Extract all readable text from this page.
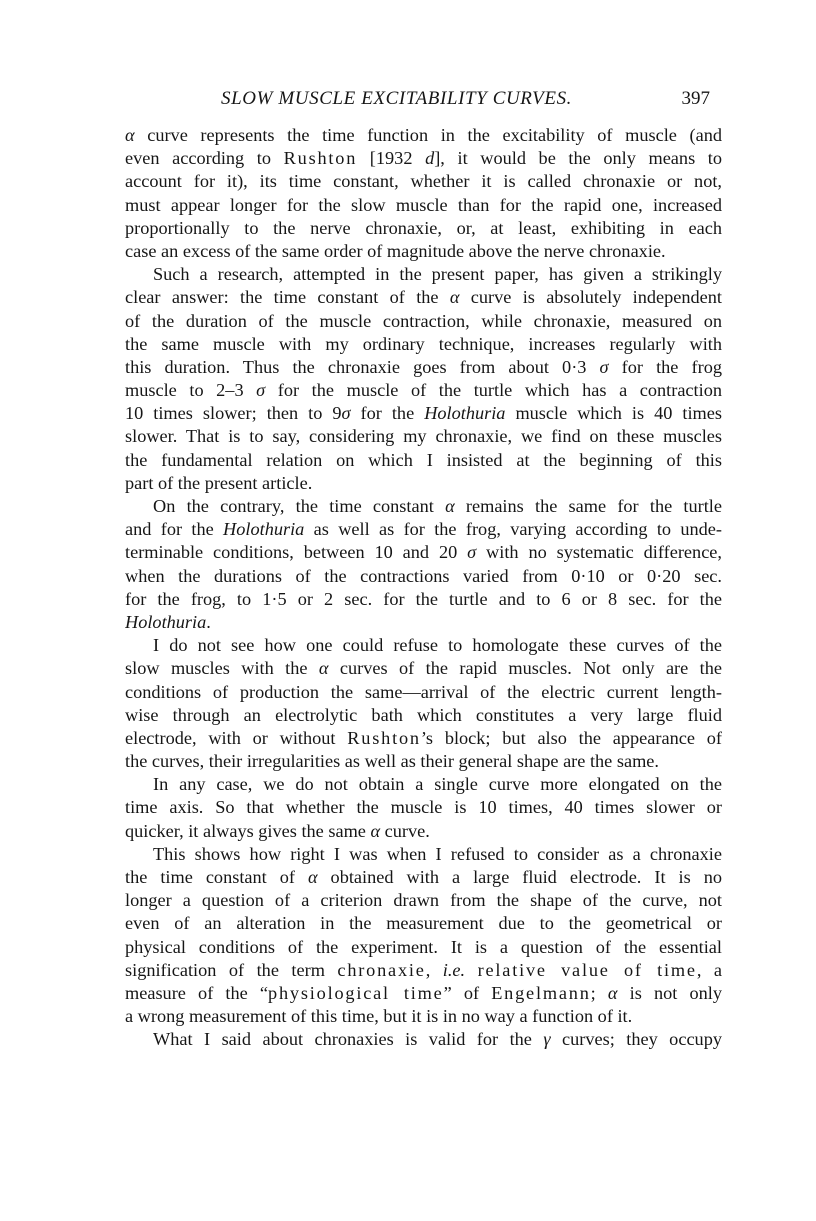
SLOW MUSCLE EXCITABILITY CURVES.	397
α curve represents the time function in the excitability of muscle (and
even according to Rushton [1932 d], it would be the only means to
account for it), its time constant, whether it is called chronaxie or not,
must appear longer for the slow muscle than for the rapid one, increased
proportionally to the nerve chronaxie, or, at least, exhibiting in each
case an excess of the same order of magnitude above the nerve chronaxie.
Such a research, attempted in the present paper, has given a strikingly
clear answer: the time constant of the α curve is absolutely independent
of the duration of the muscle contraction, while chronaxie, measured on
the same muscle with my ordinary technique, increases regularly with
this duration. Thus the chronaxie goes from about 0·3 σ for the frog
muscle to 2–3 σ for the muscle of the turtle which has a contraction
10 times slower; then to 9σ for the Holothuria muscle which is 40 times
slower. That is to say, considering my chronaxie, we find on these muscles
the fundamental relation on which I insisted at the beginning of this
part of the present article.
On the contrary, the time constant α remains the same for the turtle
and for the Holothuria as well as for the frog, varying according to unde-
terminable conditions, between 10 and 20 σ with no systematic difference,
when the durations of the contractions varied from 0·10 or 0·20 sec.
for the frog, to 1·5 or 2 sec. for the turtle and to 6 or 8 sec. for the
Holothuria.
I do not see how one could refuse to homologate these curves of the
slow muscles with the α curves of the rapid muscles. Not only are the
conditions of production the same—arrival of the electric current length-
wise through an electrolytic bath which constitutes a very large fluid
electrode, with or without Rushton’s block; but also the appearance of
the curves, their irregularities as well as their general shape are the same.
In any case, we do not obtain a single curve more elongated on the
time axis. So that whether the muscle is 10 times, 40 times slower or
quicker, it always gives the same α curve.
This shows how right I was when I refused to consider as a chronaxie
the time constant of α obtained with a large fluid electrode. It is no
longer a question of a criterion drawn from the shape of the curve, not
even of an alteration in the measurement due to the geometrical or
physical conditions of the experiment. It is a question of the essential
signification of the term chronaxie, i.e. relative value of time, a
measure of the “physiological time” of Engelmann; α is not only
a wrong measurement of this time, but it is in no way a function of it.
What I said about chronaxies is valid for the γ curves; they occupy
